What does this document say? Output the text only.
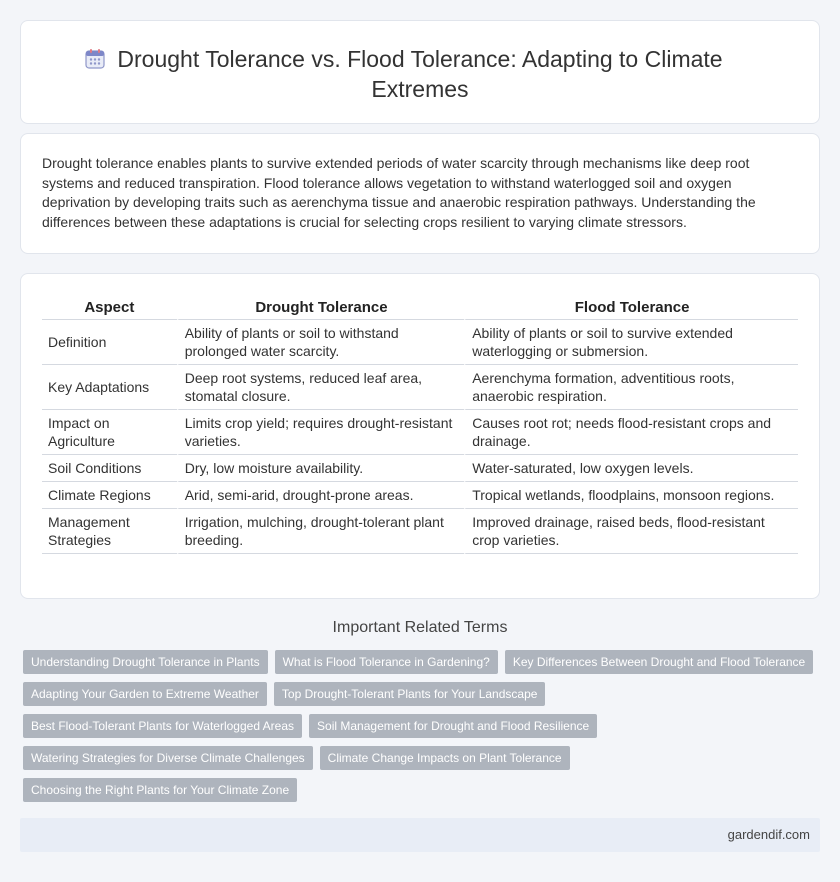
Drought Tolerance vs. Flood Tolerance: Adapting to Climate Extremes
Drought tolerance enables plants to survive extended periods of water scarcity through mechanisms like deep root systems and reduced transpiration. Flood tolerance allows vegetation to withstand waterlogged soil and oxygen deprivation by developing traits such as aerenchyma tissue and anaerobic respiration pathways. Understanding the differences between these adaptations is crucial for selecting crops resilient to varying climate stressors.
Aspect	Drought Tolerance	Flood Tolerance
Definition	Ability of plants or soil to withstand prolonged water scarcity.	Ability of plants or soil to survive extended waterlogging or submersion.
Key Adaptations	Deep root systems, reduced leaf area, stomatal closure.	Aerenchyma formation, adventitious roots, anaerobic respiration.
Impact on Agriculture	Limits crop yield; requires drought-resistant varieties.	Causes root rot; needs flood-resistant crops and drainage.
Soil Conditions	Dry, low moisture availability.	Water-saturated, low oxygen levels.
Climate Regions	Arid, semi-arid, drought-prone areas.	Tropical wetlands, floodplains, monsoon regions.
Management Strategies	Irrigation, mulching, drought-tolerant plant breeding.	Improved drainage, raised beds, flood-resistant crop varieties.
Important Related Terms
Understanding Drought Tolerance in Plants	What is Flood Tolerance in Gardening?	Key Differences Between Drought and Flood Tolerance
Adapting Your Garden to Extreme Weather	Top Drought-Tolerant Plants for Your Landscape
Best Flood-Tolerant Plants for Waterlogged Areas	Soil Management for Drought and Flood Resilience
Watering Strategies for Diverse Climate Challenges	Climate Change Impacts on Plant Tolerance
Choosing the Right Plants for Your Climate Zone
gardendif.com
